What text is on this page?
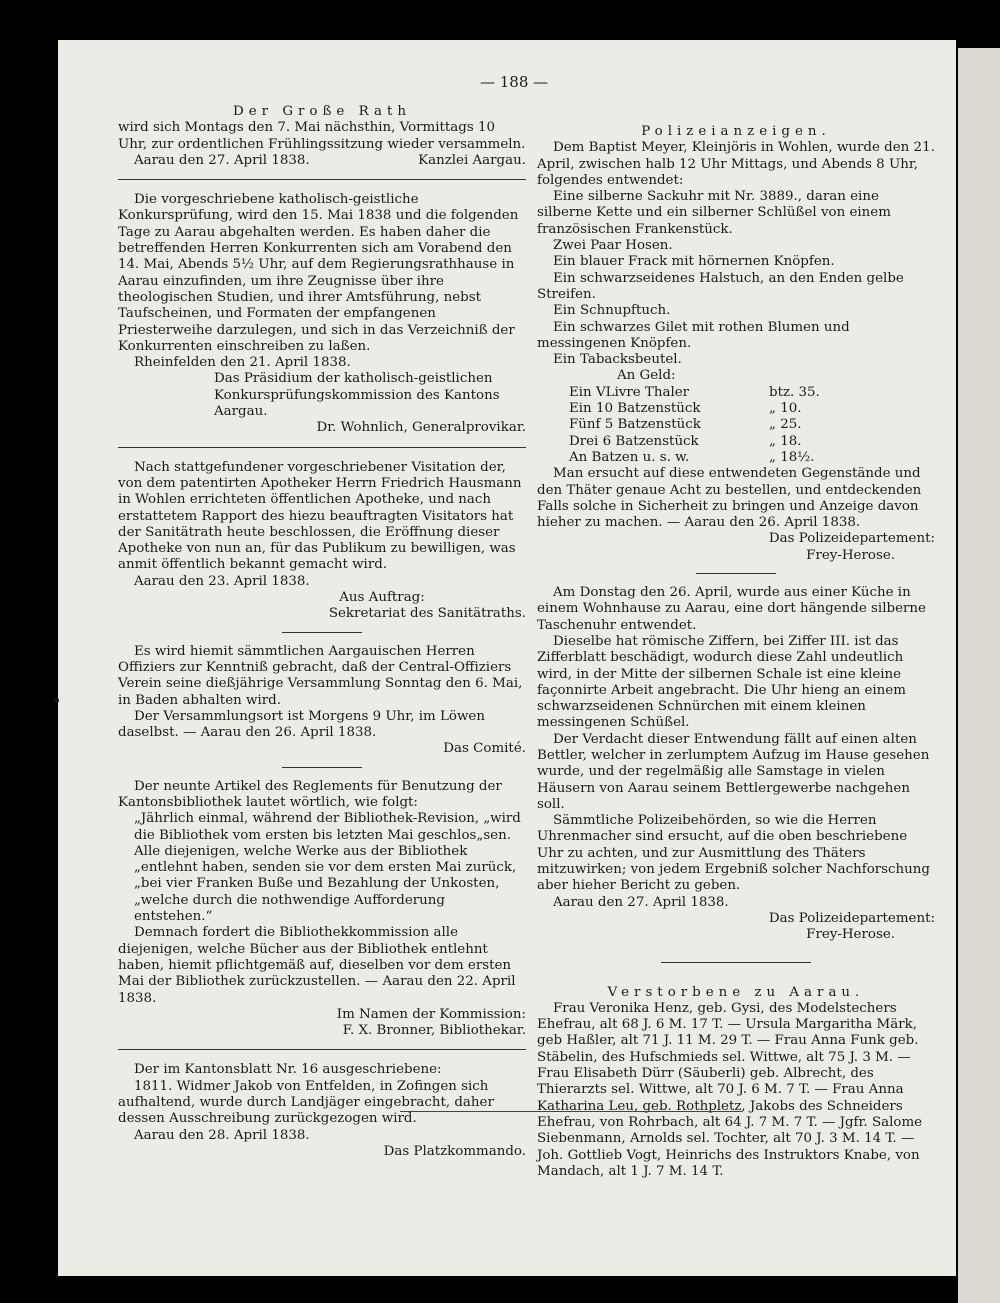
— 188 —

Der Große Rath

wird sich Montags den 7. Mai nächsthin, Vormittags 10 Uhr, zur ordentlichen Frühlingssitzung wieder versammeln.

Aarau den 27. April 1838.	Kanzlei Aargau.

Die vorgeschriebene katholisch-geistliche Konkursprüfung, wird den 15. Mai 1838 und die folgenden Tage zu Aarau abgehalten werden. Es haben daher die betreffenden Herren Konkurrenten sich am Vorabend den 14. Mai, Abends 5½ Uhr, auf dem Regierungsrathhause in Aarau einzufinden, um ihre Zeugnisse über ihre theologischen Studien, und ihrer Amtsführung, nebst Taufscheinen, und Formaten der empfangenen Priesterweihe darzulegen, und sich in das Verzeichniß der Konkurrenten einschreiben zu laßen.

Rheinfelden den 21. April 1838.

Das Präsidium der katholisch-geistlichen Konkursprüfungskommission des Kantons Aargau.

Dr. Wohnlich, Generalprovikar.

Nach stattgefundener vorgeschriebener Visitation der, von dem patentirten Apotheker Herrn Friedrich Hausmann in Wohlen errichteten öffentlichen Apotheke, und nach erstattetem Rapport des hiezu beauftragten Visitators hat der Sanitätrath heute beschlossen, die Eröffnung dieser Apotheke von nun an, für das Publikum zu bewilligen, was anmit öffentlich bekannt gemacht wird.

Aarau den 23. April 1838.

Aus Auftrag:

Sekretariat des Sanitätraths.

Es wird hiemit sämmtlichen Aargauischen Herren Offiziers zur Kenntniß gebracht, daß der Central-Offiziers Verein seine dießjährige Versammlung Sonntag den 6. Mai, in Baden abhalten wird.

Der Versammlungsort ist Morgens 9 Uhr, im Löwen daselbst. — Aarau den 26. April 1838.

Das Comité.

Der neunte Artikel des Reglements für Benutzung der Kantonsbibliothek lautet wörtlich, wie folgt:

„Jährlich einmal, während der Bibliothek-Revision, „wird die Bibliothek vom ersten bis letzten Mai geschlos„sen. Alle diejenigen, welche Werke aus der Bibliothek „entlehnt haben, senden sie vor dem ersten Mai zurück, „bei vier Franken Buße und Bezahlung der Unkosten, „welche durch die nothwendige Aufforderung entstehen.“

Demnach fordert die Bibliothekkommission alle diejenigen, welche Bücher aus der Bibliothek entlehnt haben, hiemit pflichtgemäß auf, dieselben vor dem ersten Mai der Bibliothek zurückzustellen. — Aarau den 22. April 1838.

Im Namen der Kommission:

F. X. Bronner, Bibliothekar.

Der im Kantonsblatt Nr. 16 ausgeschriebene:

1811. Widmer Jakob von Entfelden, in Zofingen sich aufhaltend, wurde durch Landjäger eingebracht, daher dessen Ausschreibung zurückgezogen wird.

Aarau den 28. April 1838.

Das Platzkommando.

Polizeianzeigen.

Dem Baptist Meyer, Kleinjöris in Wohlen, wurde den 21. April, zwischen halb 12 Uhr Mittags, und Abends 8 Uhr, folgendes entwendet:

Eine silberne Sackuhr mit Nr. 3889., daran eine silberne Kette und ein silberner Schlüßel von einem französischen Frankenstück.

Zwei Paar Hosen.

Ein blauer Frack mit hörnernen Knöpfen.

Ein schwarzseidenes Halstuch, an den Enden gelbe Streifen.

Ein Schnupftuch.

Ein schwarzes Gilet mit rothen Blumen und messingenen Knöpfen.

Ein Tabacksbeutel.

An Geld:

Ein VLivre Thaler	btz. 35.
Ein 10 Batzenstück	„ 10.
Fünf 5 Batzenstück	„ 25.
Drei 6 Batzenstück	„ 18.
An Batzen u. s. w.	„ 18½.

Man ersucht auf diese entwendeten Gegenstände und den Thäter genaue Acht zu bestellen, und entdeckenden Falls solche in Sicherheit zu bringen und Anzeige davon hieher zu machen. — Aarau den 26. April 1838.

Das Polizeidepartement:

Frey-Herose.

Am Donstag den 26. April, wurde aus einer Küche in einem Wohnhause zu Aarau, eine dort hängende silberne Taschenuhr entwendet.

Dieselbe hat römische Ziffern, bei Ziffer III. ist das Zifferblatt beschädigt, wodurch diese Zahl undeutlich wird, in der Mitte der silbernen Schale ist eine kleine façonnirte Arbeit angebracht. Die Uhr hieng an einem schwarzseidenen Schnürchen mit einem kleinen messingenen Schüßel.

Der Verdacht dieser Entwendung fällt auf einen alten Bettler, welcher in zerlumptem Aufzug im Hause gesehen wurde, und der regelmäßig alle Samstage in vielen Häusern von Aarau seinem Bettlergewerbe nachgehen soll.

Sämmtliche Polizeibehörden, so wie die Herren Uhrenmacher sind ersucht, auf die oben beschriebene Uhr zu achten, und zur Ausmittlung des Thäters mitzuwirken; von jedem Ergebniß solcher Nachforschung aber hieher Bericht zu geben.

Aarau den 27. April 1838.

Das Polizeidepartement:

Frey-Herose.

Verstorbene zu Aarau.

Frau Veronika Henz, geb. Gysi, des Modelstechers Ehefrau, alt 68 J. 6 M. 17 T. — Ursula Margaritha Märk, geb Haßler, alt 71 J. 11 M. 29 T. — Frau Anna Funk geb. Stäbelin, des Hufschmieds sel. Wittwe, alt 75 J. 3 M. — Frau Elisabeth Dürr (Säuberli) geb. Albrecht, des Thierarzts sel. Wittwe, alt 70 J. 6 M. 7 T. — Frau Anna Katharina Leu, geb. Rothpletz, Jakobs des Schneiders Ehefrau, von Rohrbach, alt 64 J. 7 M. 7 T. — Jgfr. Salome Siebenmann, Arnolds sel. Tochter, alt 70 J. 3 M. 14 T. — Joh. Gottlieb Vogt, Heinrichs des Instruktors Knabe, von Mandach, alt 1 J. 7 M. 14 T.
